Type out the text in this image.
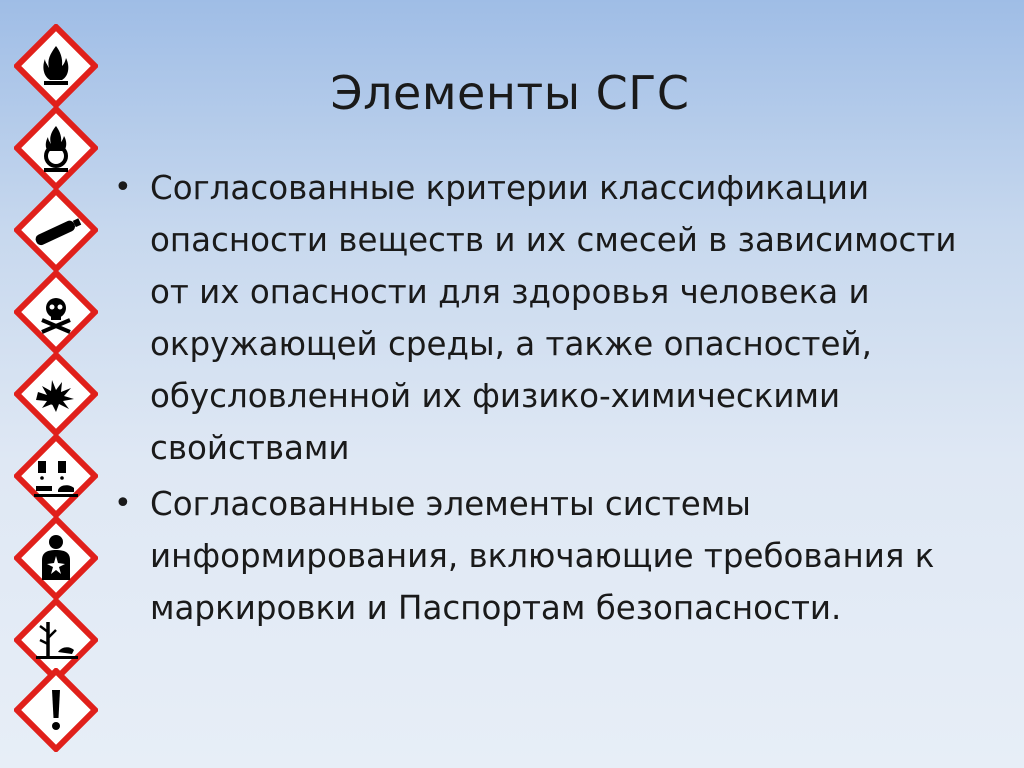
Элементы СГС
• Согласованные критерии классификации опасности веществ и их смесей в зависимости от их опасности для здоровья человека и окружающей среды, а также опасностей, обусловленной их физико-химическими свойствами
• Согласованные элементы системы информирования, включающие требования к маркировки и Паспортам безопасности.
